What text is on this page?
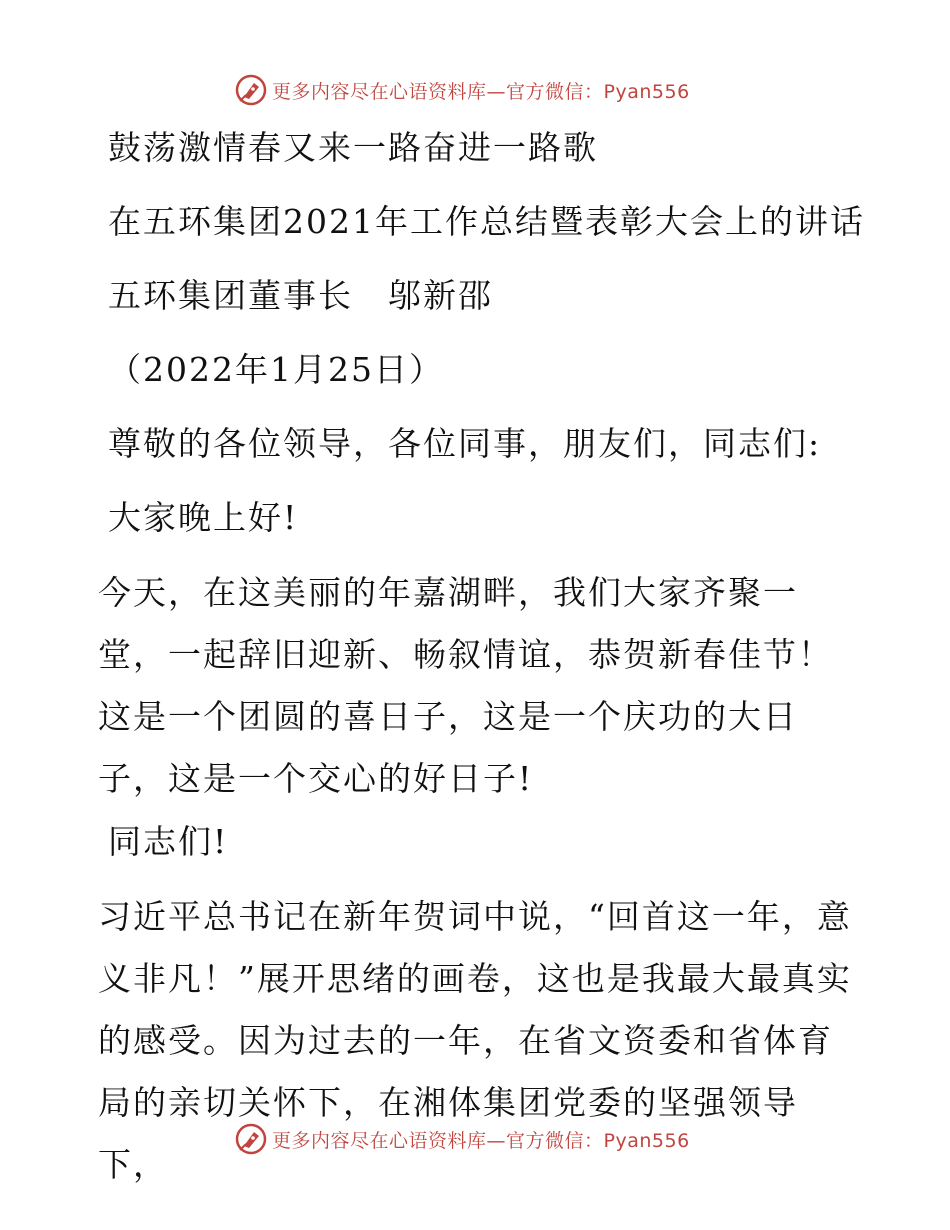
更多内容尽在心语资料库—官方微信：Pyan556
鼓荡激情春又来一路奋进一路歌
在五环集团2021年工作总结暨表彰大会上的讲话
五环集团董事长　邬新邵
（2022年1月25日）
尊敬的各位领导，各位同事，朋友们，同志们:
大家晚上好!
今天，在这美丽的年嘉湖畔，我们大家齐聚一堂，一起辞旧迎新、畅叙情谊，恭贺新春佳节！这是一个团圆的喜日子，这是一个庆功的大日子，这是一个交心的好日子!
同志们!
习近平总书记在新年贺词中说，“回首这一年，意义非凡！”展开思绪的画卷，这也是我最大最真实的感受。因为过去的一年，在省文资委和省体育局的亲切关怀下，在湘体集团党委的坚强领导下，
更多内容尽在心语资料库—官方微信：Pyan556
